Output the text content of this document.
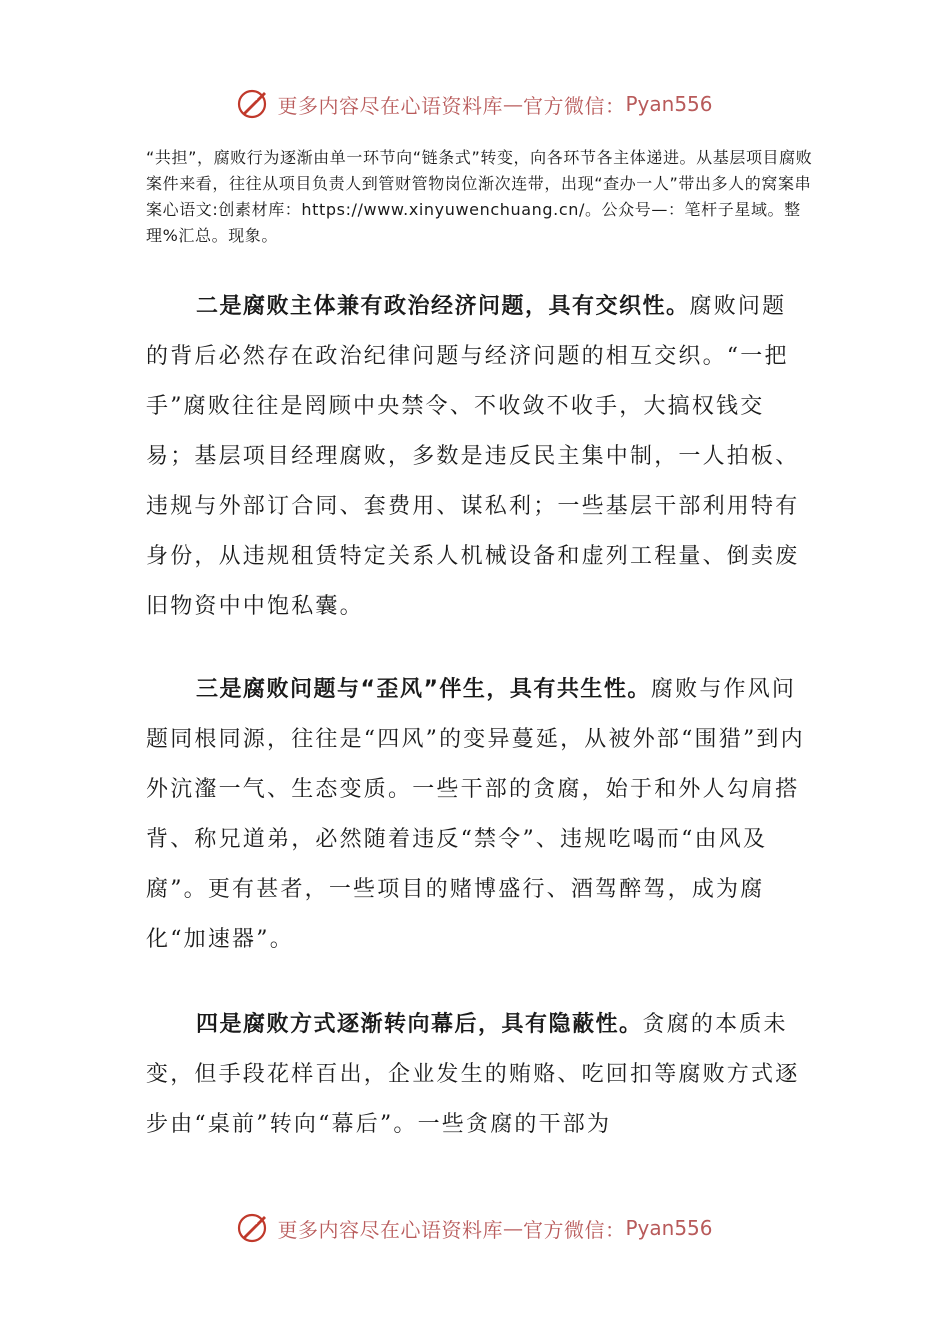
更多内容尽在心语资料库 — 官方微信： Pyan556
“共担”，腐败行为逐渐由单一环节向“链条式”转变，向各环节各主体递进。从基层项目腐败案件来看，往往从项目负责人到管财管物岗位渐次连带，出现“查办一人”带出多人的窝案串案心语文:创素材库：https://www.xinyuwenchuang.cn/。公众号—：笔杆子星域。整理%汇总。现象。

二是腐败主体兼有政治经济问题，具有交织性。腐败问题的背后必然存在政治纪律问题与经济问题的相互交织。“一把手”腐败往往是罔顾中央禁令、不收敛不收手，大搞权钱交易；基层项目经理腐败，多数是违反民主集中制，一人拍板、违规与外部订合同、套费用、谋私利；一些基层干部利用特有身份，从违规租赁特定关系人机械设备和虚列工程量、倒卖废旧物资中中饱私囊。

三是腐败问题与“歪风”伴生，具有共生性。腐败与作风问题同根同源，往往是“四风”的变异蔓延，从被外部“围猎”到内外沆瀣一气、生态变质。一些干部的贪腐，始于和外人勾肩搭背、称兄道弟，必然随着违反“禁令”、违规吃喝而“由风及腐”。更有甚者，一些项目的赌博盛行、酒驾醉驾，成为腐化“加速器”。

四是腐败方式逐渐转向幕后，具有隐蔽性。贪腐的本质未变，但手段花样百出，企业发生的贿赂、吃回扣等腐败方式逐步由“桌前”转向“幕后”。一些贪腐的干部为

更多内容尽在心语资料库 — 官方微信： Pyan556
